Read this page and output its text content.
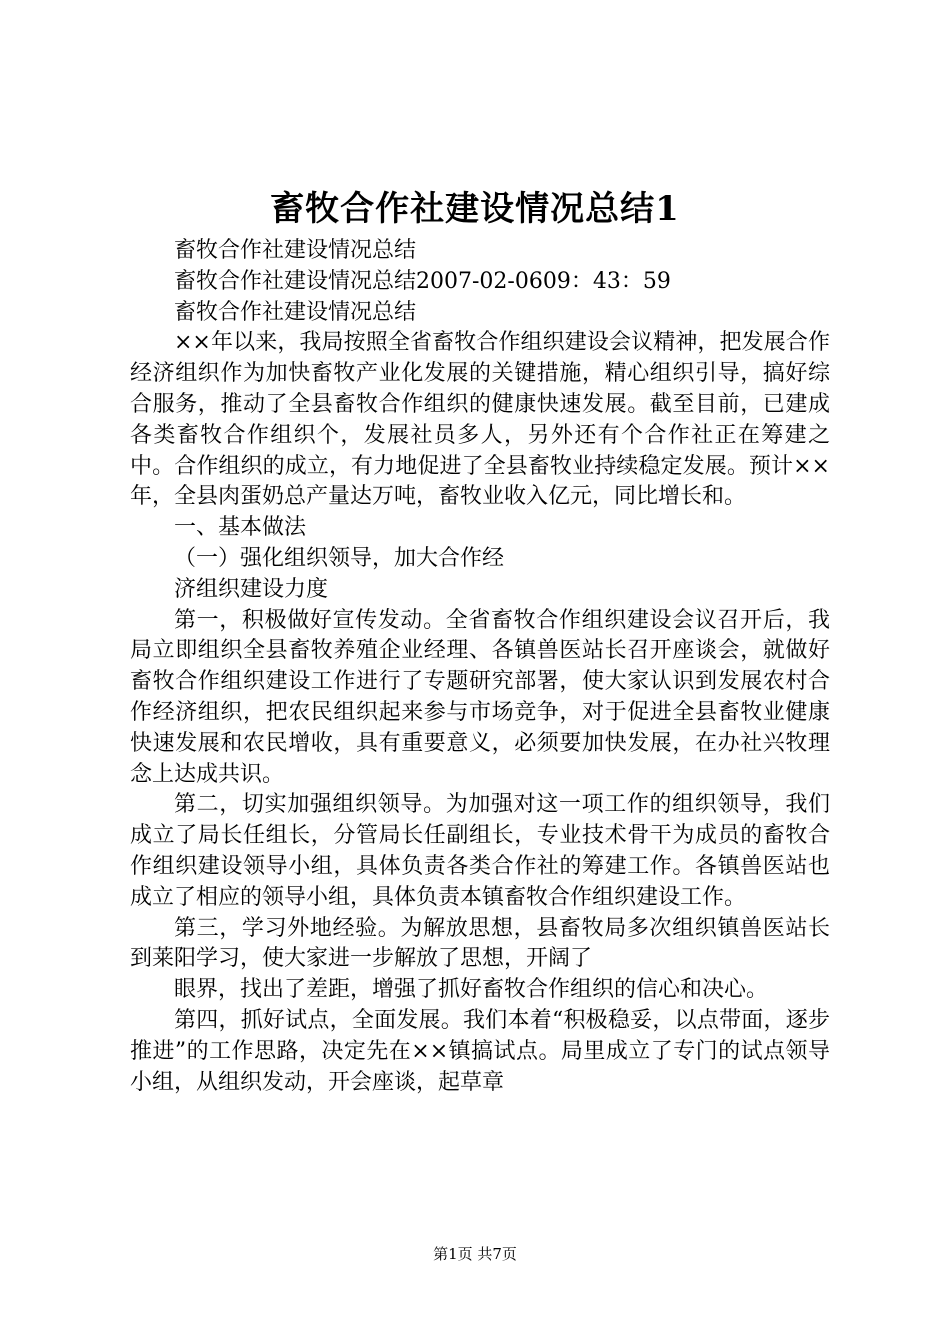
畜牧合作社建设情况总结1

畜牧合作社建设情况总结

畜牧合作社建设情况总结2007-02-0609：43：59

畜牧合作社建设情况总结

××年以来，我局按照全省畜牧合作组织建设会议精神，把发展合作经济组织作为加快畜牧产业化发展的关键措施，精心组织引导，搞好综合服务，推动了全县畜牧合作组织的健康快速发展。截至目前，已建成各类畜牧合作组织个，发展社员多人，另外还有个合作社正在筹建之中。合作组织的成立，有力地促进了全县畜牧业持续稳定发展。预计××年，全县肉蛋奶总产量达万吨，畜牧业收入亿元，同比增长和。

一、基本做法

（一）强化组织领导，加大合作经

济组织建设力度

第一，积极做好宣传发动。全省畜牧合作组织建设会议召开后，我局立即组织全县畜牧养殖企业经理、各镇兽医站长召开座谈会，就做好畜牧合作组织建设工作进行了专题研究部署，使大家认识到发展农村合作经济组织，把农民组织起来参与市场竞争，对于促进全县畜牧业健康快速发展和农民增收，具有重要意义，必须要加快发展，在办社兴牧理念上达成共识。

第二，切实加强组织领导。为加强对这一项工作的组织领导，我们成立了局长任组长，分管局长任副组长，专业技术骨干为成员的畜牧合作组织建设领导小组，具体负责各类合作社的筹建工作。各镇兽医站也成立了相应的领导小组，具体负责本镇畜牧合作组织建设工作。

第三，学习外地经验。为解放思想，县畜牧局多次组织镇兽医站长到莱阳学习，使大家进一步解放了思想，开阔了

眼界，找出了差距，增强了抓好畜牧合作组织的信心和决心。

第四，抓好试点，全面发展。我们本着“积极稳妥，以点带面，逐步推进”的工作思路，决定先在××镇搞试点。局里成立了专门的试点领导小组，从组织发动，开会座谈，起草章

第1页 共7页
